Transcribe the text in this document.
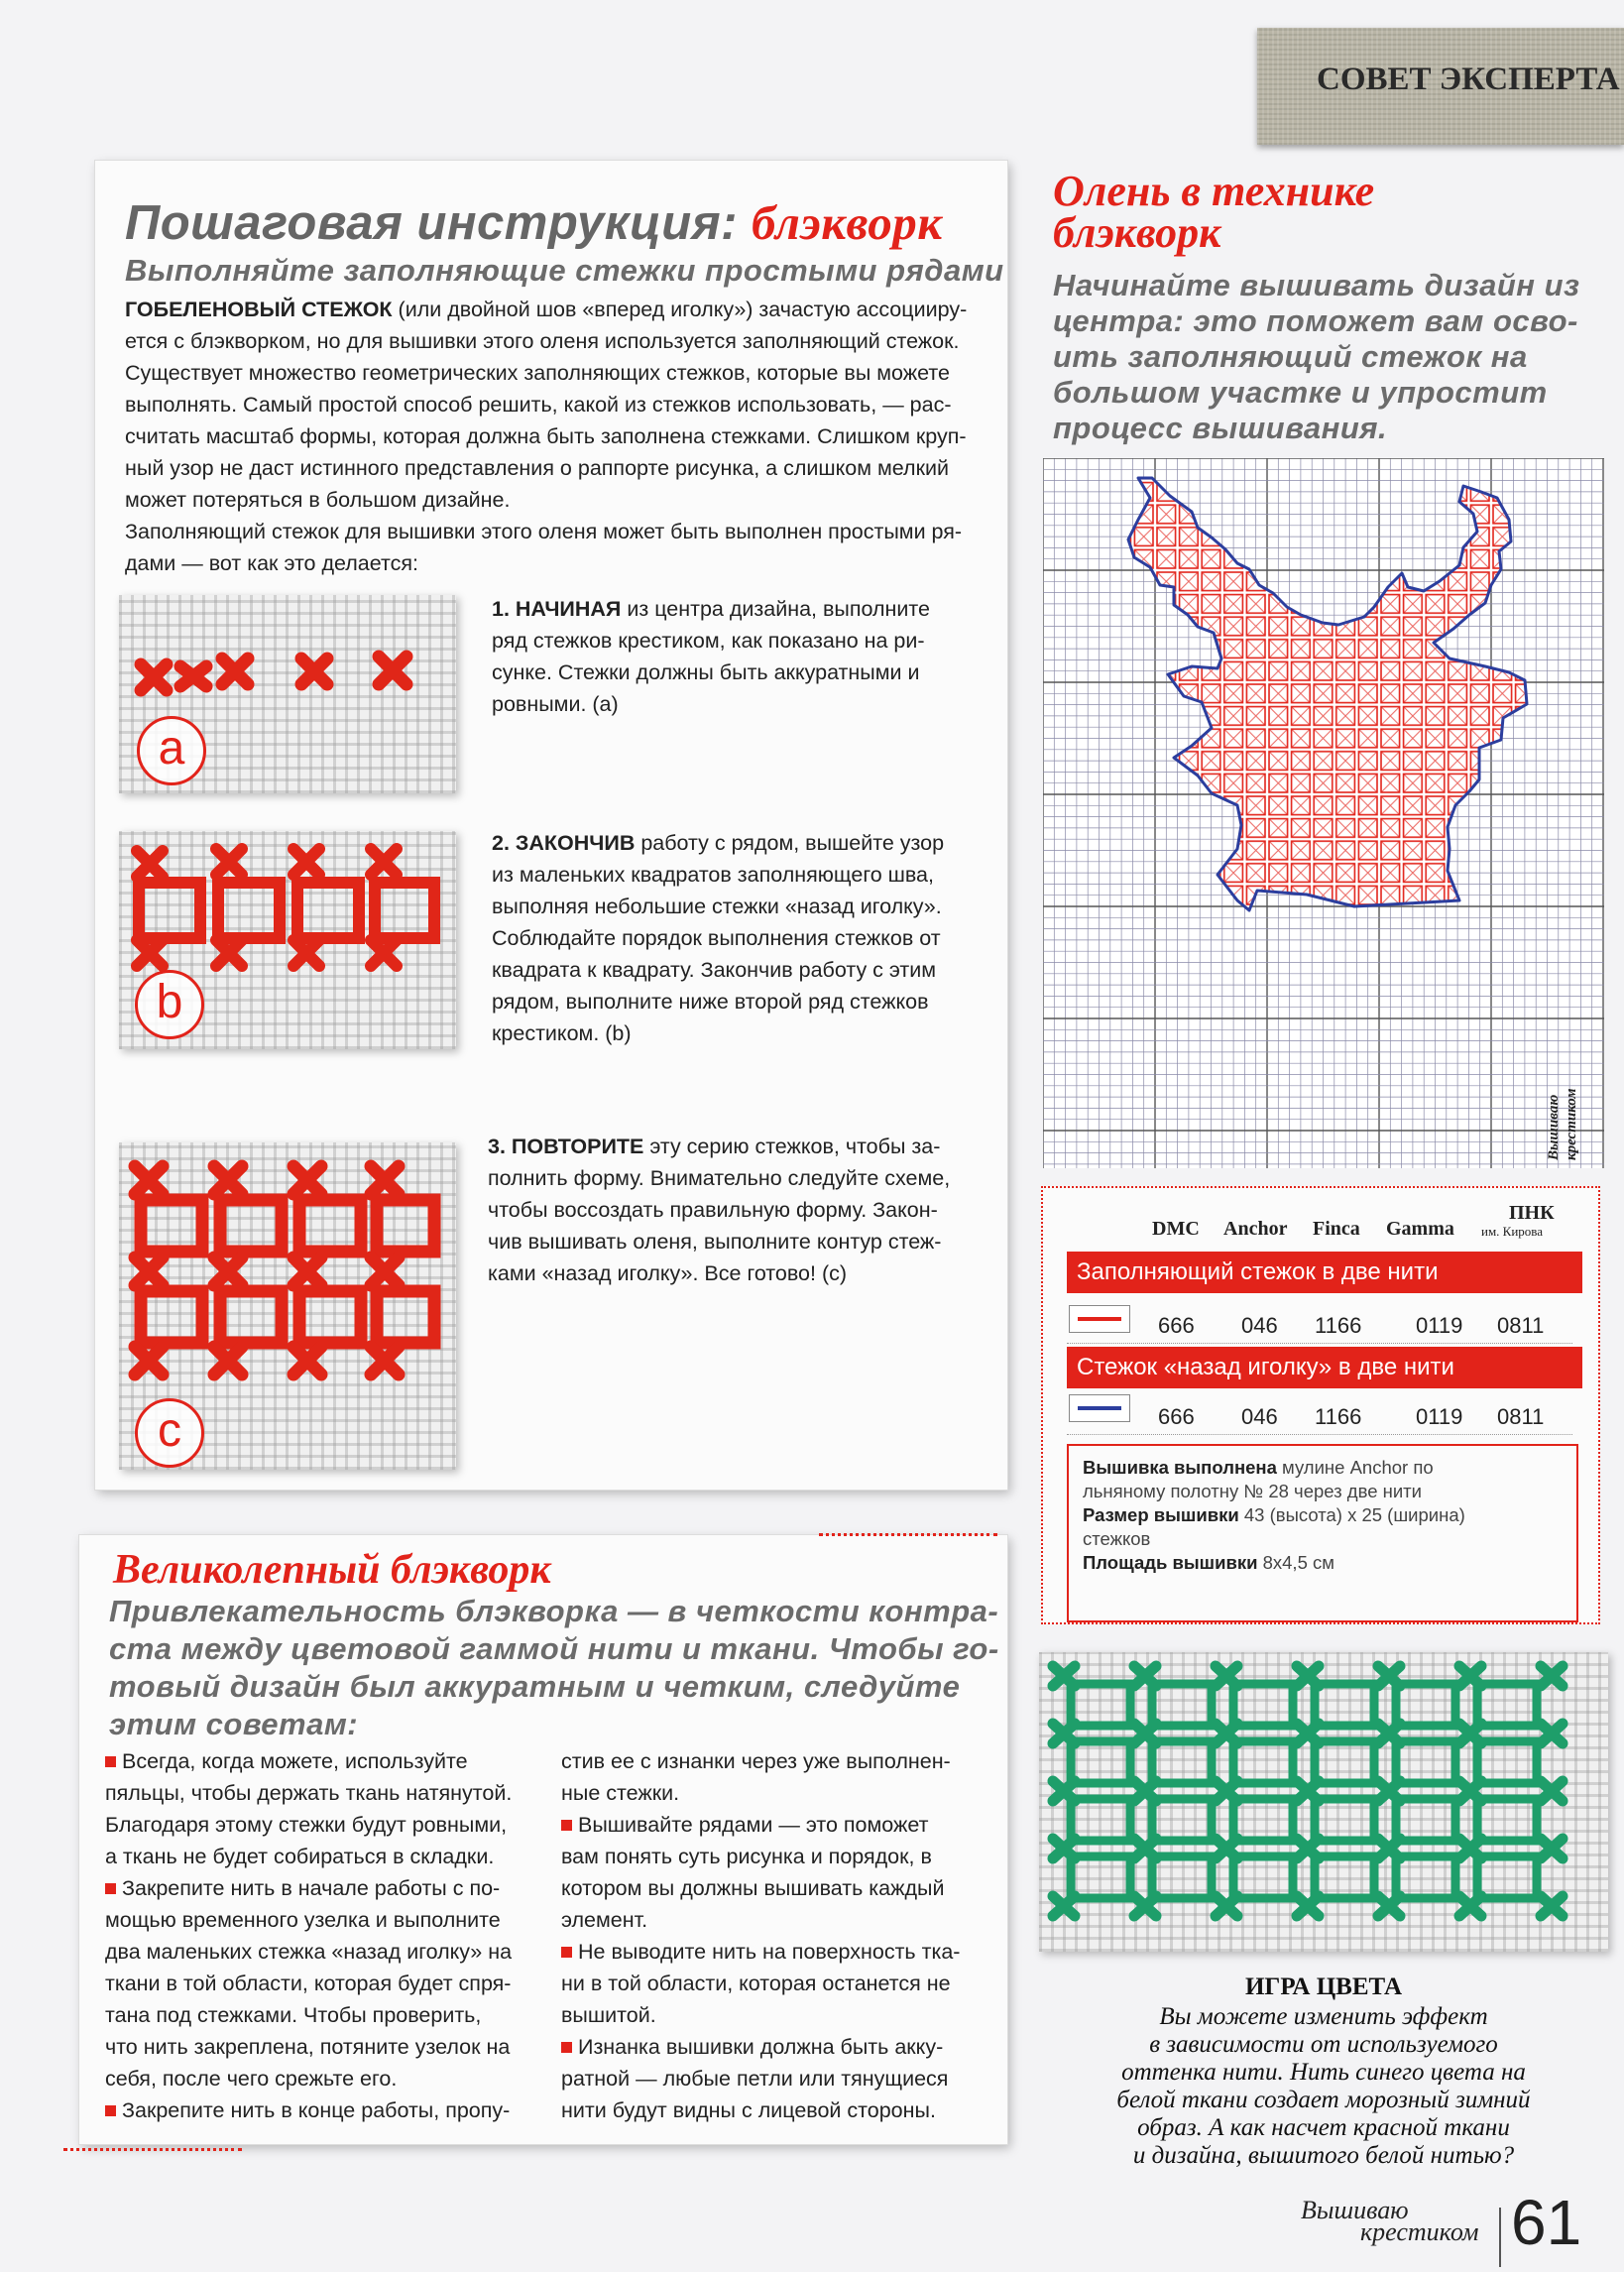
СОВЕТ ЭКСПЕРТА
Пошаговая инструкция: блэкворк
Выполняйте заполняющие стежки простыми рядами
ГОБЕЛЕНОВЫЙ СТЕЖОК (или двойной шов «вперед иголку») зачастую ассоцииру-
ется с блэкворком, но для вышивки этого оленя используется заполняющий стежок.
Существует множество геометрических заполняющих стежков, которые вы можете
выполнять. Самый простой способ решить, какой из стежков использовать, — рас-
считать масштаб формы, которая должна быть заполнена стежками. Слишком круп-
ный узор не даст истинного представления о раппорте рисунка, а слишком мелкий
может потеряться в большом дизайне.
Заполняющий стежок для вышивки этого оленя может быть выполнен простыми ря-
дами — вот как это делается:
a
b
c
1. НАЧИНАЯ из центра дизайна, выполните
ряд стежков крестиком, как показано на ри-
сунке. Стежки должны быть аккуратными и
ровными. (a)
2. ЗАКОНЧИВ работу с рядом, вышейте узор
из маленьких квадратов заполняющего шва,
выполняя небольшие стежки «назад иголку».
Соблюдайте порядок выполнения стежков от
квадрата к квадрату. Закончив работу с этим
рядом, выполните ниже второй ряд стежков
крестиком. (b)
3. ПОВТОРИТЕ эту серию стежков, чтобы за-
полнить форму. Внимательно следуйте схеме,
чтобы воссоздать правильную форму. Закон-
чив вышивать оленя, выполните контур стеж-
ками «назад иголку». Все готово! (c)
Олень в технике
блэкворк
Начинайте вышивать дизайн из
центра: это поможет вам осво-
ить заполняющий стежок на
большом участке и упростит
процесс вышивания.
Вышиваю крестиком
DMC Anchor Finca Gamma
ПНК
им. Кирова
Заполняющий стежок в две нити
666 046 1166 0119 0811
Стежок «назад иголку» в две нити
666 046 1166 0119 0811
Вышивка выполнена мулине Anchor по
льняному полотну № 28 через две нити
Размер вышивки 43 (высота) x 25 (ширина)
стежков
Площадь вышивки 8x4,5 см
Великолепный блэкворк
Привлекательность блэкворка — в четкости контра-
ста между цветовой гаммой нити и ткани. Чтобы го-
товый дизайн был аккуратным и четким, следуйте
этим советам:
Всегда, когда можете, используйте
пяльцы, чтобы держать ткань натянутой.
Благодаря этому стежки будут ровными,
а ткань не будет собираться в складки.
Закрепите нить в начале работы с по-
мощью временного узелка и выполните
два маленьких стежка «назад иголку» на
ткани в той области, которая будет спря-
тана под стежками. Чтобы проверить,
что нить закреплена, потяните узелок на
себя, после чего срежьте его.
Закрепите нить в конце работы, пропу-
стив ее с изнанки через уже выполнен-
ные стежки.
Вышивайте рядами — это поможет
вам понять суть рисунка и порядок, в
котором вы должны вышивать каждый
элемент.
Не выводите нить на поверхность тка-
ни в той области, которая останется не
вышитой.
Изнанка вышивки должна быть акку-
ратной — любые петли или тянущиеся
нити будут видны с лицевой стороны.
ИГРА ЦВЕТА
Вы можете изменить эффект
в зависимости от используемого
оттенка нити. Нить синего цвета на
белой ткани создает морозный зимний
образ. А как насчет красной ткани
и дизайна, вышитого белой нитью?
Вышиваю
крестиком 61
